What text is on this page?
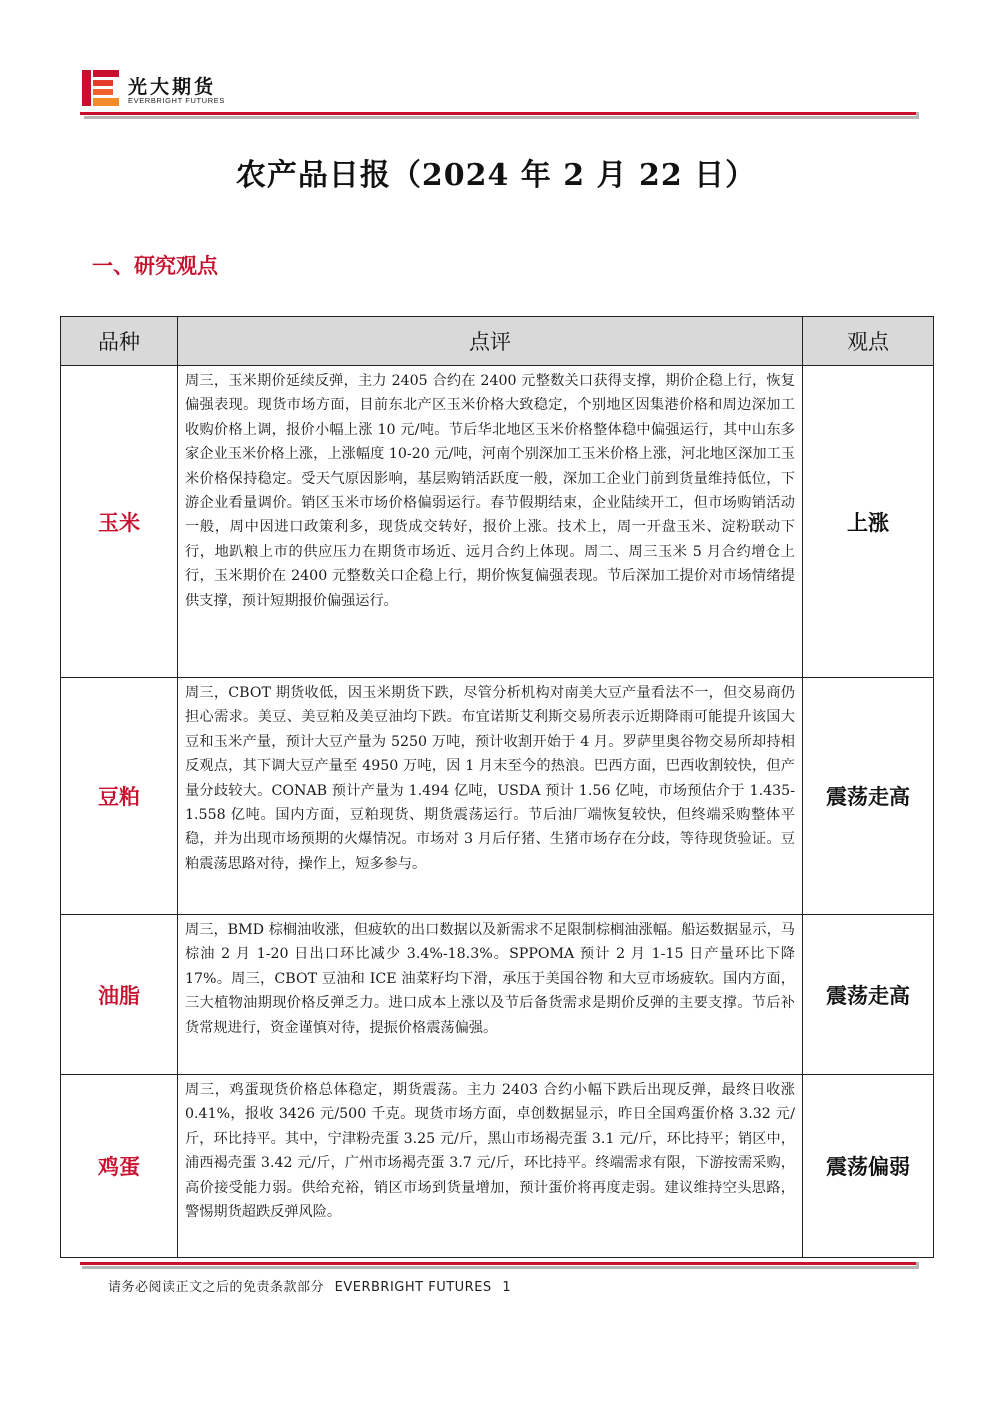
光大期货
EVERBRIGHT FUTURES
农产品日报（2024 年 2 月 22 日）
一、研究观点
品种	点评	观点
玉米	周三，玉米期价延续反弹，主力 2405 合约在 2400 元整数关口获得支撑，期价企稳上行，恢复偏强表现。现货市场方面，目前东北产区玉米价格大致稳定，个别地区因集港价格和周边深加工收购价格上调，报价小幅上涨 10 元/吨。节后华北地区玉米价格整体稳中偏强运行，其中山东多家企业玉米价格上涨，上涨幅度 10-20 元/吨，河南个别深加工玉米价格上涨，河北地区深加工玉米价格保持稳定。受天气原因影响，基层购销活跃度一般，深加工企业门前到货量维持低位，下游企业看量调价。销区玉米市场价格偏弱运行。春节假期结束，企业陆续开工，但市场购销活动一般，周中因进口政策利多，现货成交转好，报价上涨。技术上，周一开盘玉米、淀粉联动下行，地趴粮上市的供应压力在期货市场近、远月合约上体现。周二、周三玉米 5 月合约增仓上行，玉米期价在 2400 元整数关口企稳上行，期价恢复偏强表现。节后深加工提价对市场情绪提供支撑，预计短期报价偏强运行。	上涨
豆粕	周三，CBOT 期货收低，因玉米期货下跌，尽管分析机构对南美大豆产量看法不一，但交易商仍担心需求。美豆、美豆粕及美豆油均下跌。布宜诺斯艾利斯交易所表示近期降雨可能提升该国大豆和玉米产量，预计大豆产量为 5250 万吨，预计收割开始于 4 月。罗萨里奥谷物交易所却持相反观点，其下调大豆产量至 4950 万吨，因 1 月末至今的热浪。巴西方面，巴西收割较快，但产量分歧较大。CONAB 预计产量为 1.494 亿吨，USDA 预计 1.56 亿吨，市场预估介于 1.435-1.558 亿吨。国内方面，豆粕现货、期货震荡运行。节后油厂端恢复较快，但终端采购整体平稳，并为出现市场预期的火爆情况。市场对 3 月后仔猪、生猪市场存在分歧，等待现货验证。豆粕震荡思路对待，操作上，短多参与。	震荡走高
油脂	周三，BMD 棕榈油收涨，但疲软的出口数据以及新需求不足限制棕榈油涨幅。船运数据显示，马棕油 2 月 1-20 日出口环比减少 3.4%-18.3%。SPPOMA 预计 2 月 1-15 日产量环比下降 17%。周三，CBOT 豆油和 ICE 油菜籽均下滑，承压于美国谷物 和大豆市场疲软。国内方面，三大植物油期现价格反弹乏力。进口成本上涨以及节后备货需求是期价反弹的主要支撑。节后补货常规进行，资金谨慎对待，提振价格震荡偏强。	震荡走高
鸡蛋	周三，鸡蛋现货价格总体稳定，期货震荡。主力 2403 合约小幅下跌后出现反弹，最终日收涨 0.41%，报收 3426 元/500 千克。现货市场方面，卓创数据显示，昨日全国鸡蛋价格 3.32 元/斤，环比持平。其中，宁津粉壳蛋 3.25 元/斤，黑山市场褐壳蛋 3.1 元/斤，环比持平；销区中，浦西褐壳蛋 3.42 元/斤，广州市场褐壳蛋 3.7 元/斤，环比持平。终端需求有限，下游按需采购，高价接受能力弱。供给充裕，销区市场到货量增加，预计蛋价将再度走弱。建议维持空头思路，警惕期货超跌反弹风险。	震荡偏弱
请务必阅读正文之后的免责条款部分 EVERBRIGHT FUTURES 1
